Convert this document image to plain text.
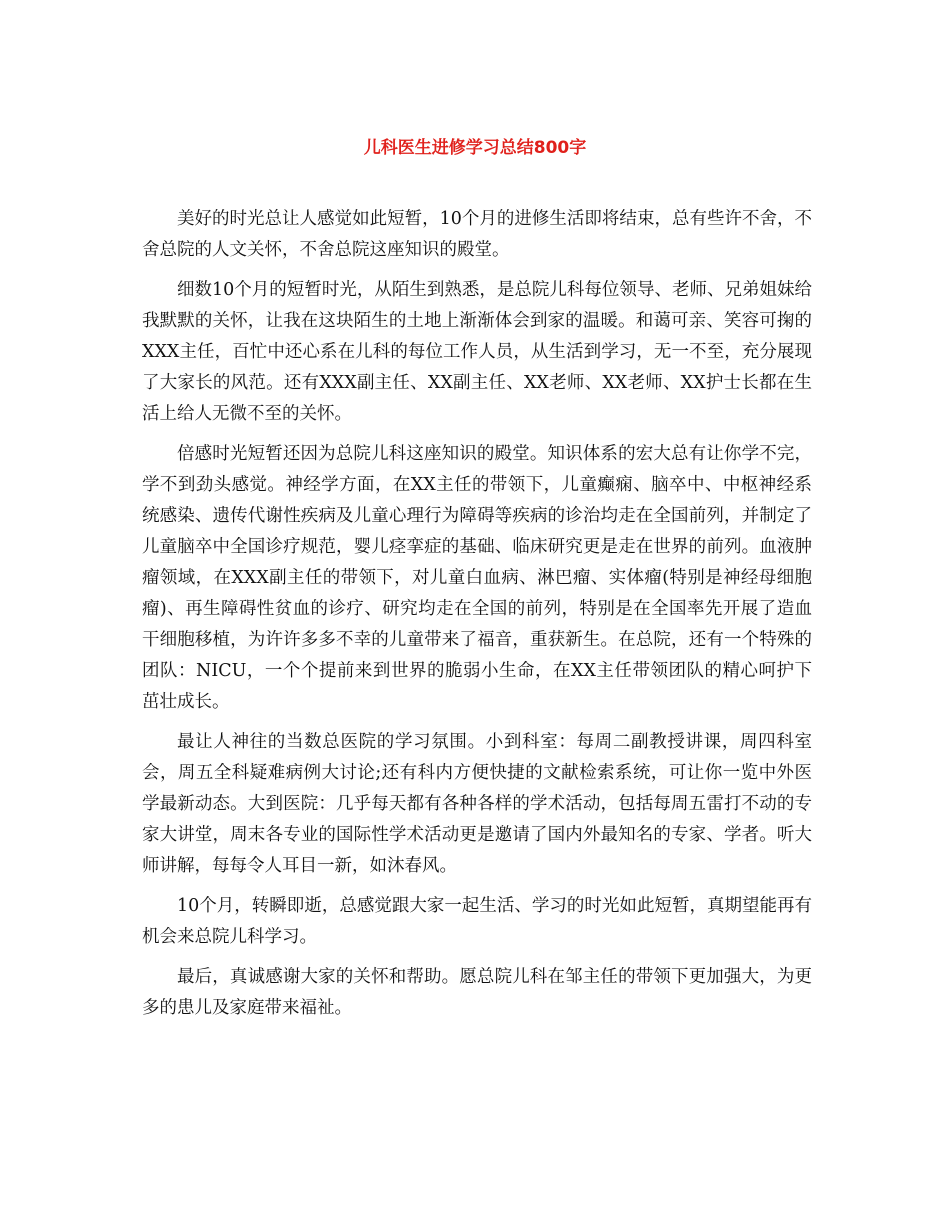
儿科医生进修学习总结800字

美好的时光总让人感觉如此短暂，10个月的进修生活即将结束，总有些许不舍，不舍总院的人文关怀，不舍总院这座知识的殿堂。

细数10个月的短暂时光，从陌生到熟悉，是总院儿科每位领导、老师、兄弟姐妹给我默默的关怀，让我在这块陌生的土地上渐渐体会到家的温暖。和蔼可亲、笑容可掬的XXX主任，百忙中还心系在儿科的每位工作人员，从生活到学习，无一不至，充分展现了大家长的风范。还有XXX副主任、XX副主任、XX老师、XX老师、XX护士长都在生活上给人无微不至的关怀。

倍感时光短暂还因为总院儿科这座知识的殿堂。知识体系的宏大总有让你学不完，学不到劲头感觉。神经学方面，在XX主任的带领下，儿童癫痫、脑卒中、中枢神经系统感染、遗传代谢性疾病及儿童心理行为障碍等疾病的诊治均走在全国前列，并制定了儿童脑卒中全国诊疗规范，婴儿痉挛症的基础、临床研究更是走在世界的前列。血液肿瘤领域，在XXX副主任的带领下，对儿童白血病、淋巴瘤、实体瘤(特别是神经母细胞瘤)、再生障碍性贫血的诊疗、研究均走在全国的前列，特别是在全国率先开展了造血干细胞移植，为许许多多不幸的儿童带来了福音，重获新生。在总院，还有一个特殊的团队：NICU，一个个提前来到世界的脆弱小生命，在XX主任带领团队的精心呵护下茁壮成长。

最让人神往的当数总医院的学习氛围。小到科室：每周二副教授讲课，周四科室会，周五全科疑难病例大讨论;还有科内方便快捷的文献检索系统，可让你一览中外医学最新动态。大到医院：几乎每天都有各种各样的学术活动，包括每周五雷打不动的专家大讲堂，周末各专业的国际性学术活动更是邀请了国内外最知名的专家、学者。听大师讲解，每每令人耳目一新，如沐春风。

10个月，转瞬即逝，总感觉跟大家一起生活、学习的时光如此短暂，真期望能再有机会来总院儿科学习。

最后，真诚感谢大家的关怀和帮助。愿总院儿科在邹主任的带领下更加强大，为更多的患儿及家庭带来福祉。
